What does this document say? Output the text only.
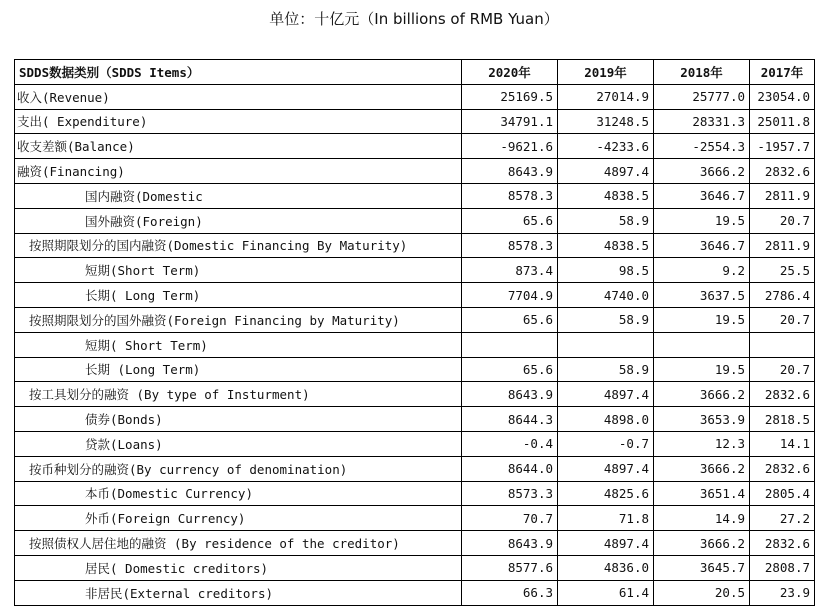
单位：十亿元（In billions of RMB Yuan）
SDDS数据类别（SDDS Items）	2020年	2019年	2018年	2017年
收入(Revenue)	25169.5	27014.9	25777.0	23054.0
支出( Expenditure)	34791.1	31248.5	28331.3	25011.8
收支差额(Balance)	-9621.6	-4233.6	-2554.3	-1957.7
融资(Financing)	8643.9	4897.4	3666.2	2832.6
国内融资(Domestic	8578.3	4838.5	3646.7	2811.9
国外融资(Foreign)	65.6	58.9	19.5	20.7
按照期限划分的国内融资(Domestic Financing By Maturity)	8578.3	4838.5	3646.7	2811.9
短期(Short Term)	873.4	98.5	9.2	25.5
长期( Long Term)	7704.9	4740.0	3637.5	2786.4
按照期限划分的国外融资(Foreign Financing by Maturity)	65.6	58.9	19.5	20.7
短期( Short Term)				
长期 (Long Term)	65.6	58.9	19.5	20.7
按工具划分的融资 (By type of Insturment)	8643.9	4897.4	3666.2	2832.6
债券(Bonds)	8644.3	4898.0	3653.9	2818.5
贷款(Loans)	-0.4	-0.7	12.3	14.1
按币种划分的融资(By currency of denomination)	8644.0	4897.4	3666.2	2832.6
本币(Domestic Currency)	8573.3	4825.6	3651.4	2805.4
外币(Foreign Currency)	70.7	71.8	14.9	27.2
按照债权人居住地的融资 (By residence of the creditor)	8643.9	4897.4	3666.2	2832.6
居民( Domestic creditors)	8577.6	4836.0	3645.7	2808.7
非居民(External creditors)	66.3	61.4	20.5	23.9
